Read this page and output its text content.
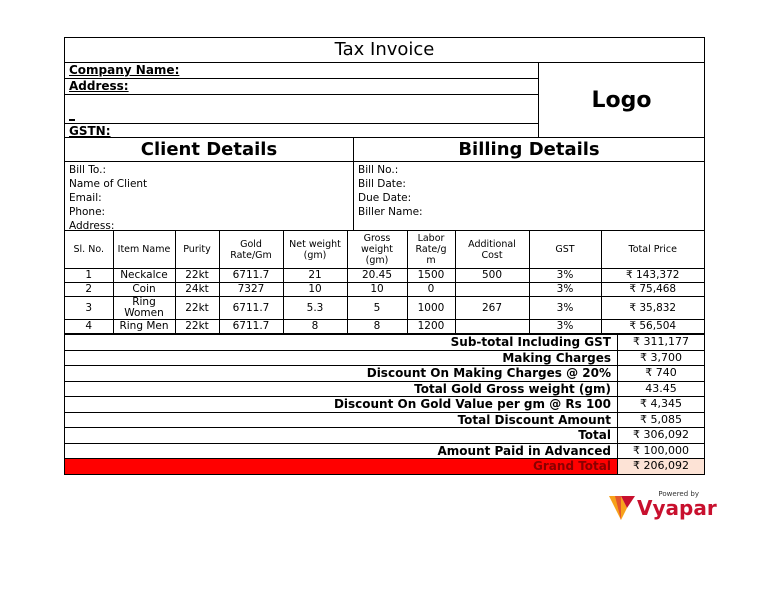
Tax Invoice
Company Name:
Address:
_
GSTN:
Logo
Client Details	Billing Details
Bill To.:
Name of Client
Email:
Phone:
Address:
Bill No.:
Bill Date:
Due Date:
Biller Name:
Sl. No.	Item Name	Purity	Gold Rate/Gm	Net weight (gm)	Gross weight (gm)	Labor Rate/g m	Additional Cost	GST	Total Price
1	Neckalce	22kt	6711.7	21	20.45	1500	500	3%	₹ 143,372
2	Coin	24kt	7327	10	10	0		3%	₹ 75,468
3	Ring Women	22kt	6711.7	5.3	5	1000	267	3%	₹ 35,832
4	Ring Men	22kt	6711.7	8	8	1200		3%	₹ 56,504
Sub-total Including GST	₹ 311,177
Making Charges	₹ 3,700
Discount On Making Charges @ 20%	₹ 740
Total Gold Gross weight (gm)	43.45
Discount On Gold Value per gm @ Rs 100	₹ 4,345
Total Discount Amount	₹ 5,085
Total	₹ 306,092
Amount Paid in Advanced	₹ 100,000
Grand Total	₹ 206,092
Powered by
Vyapar
